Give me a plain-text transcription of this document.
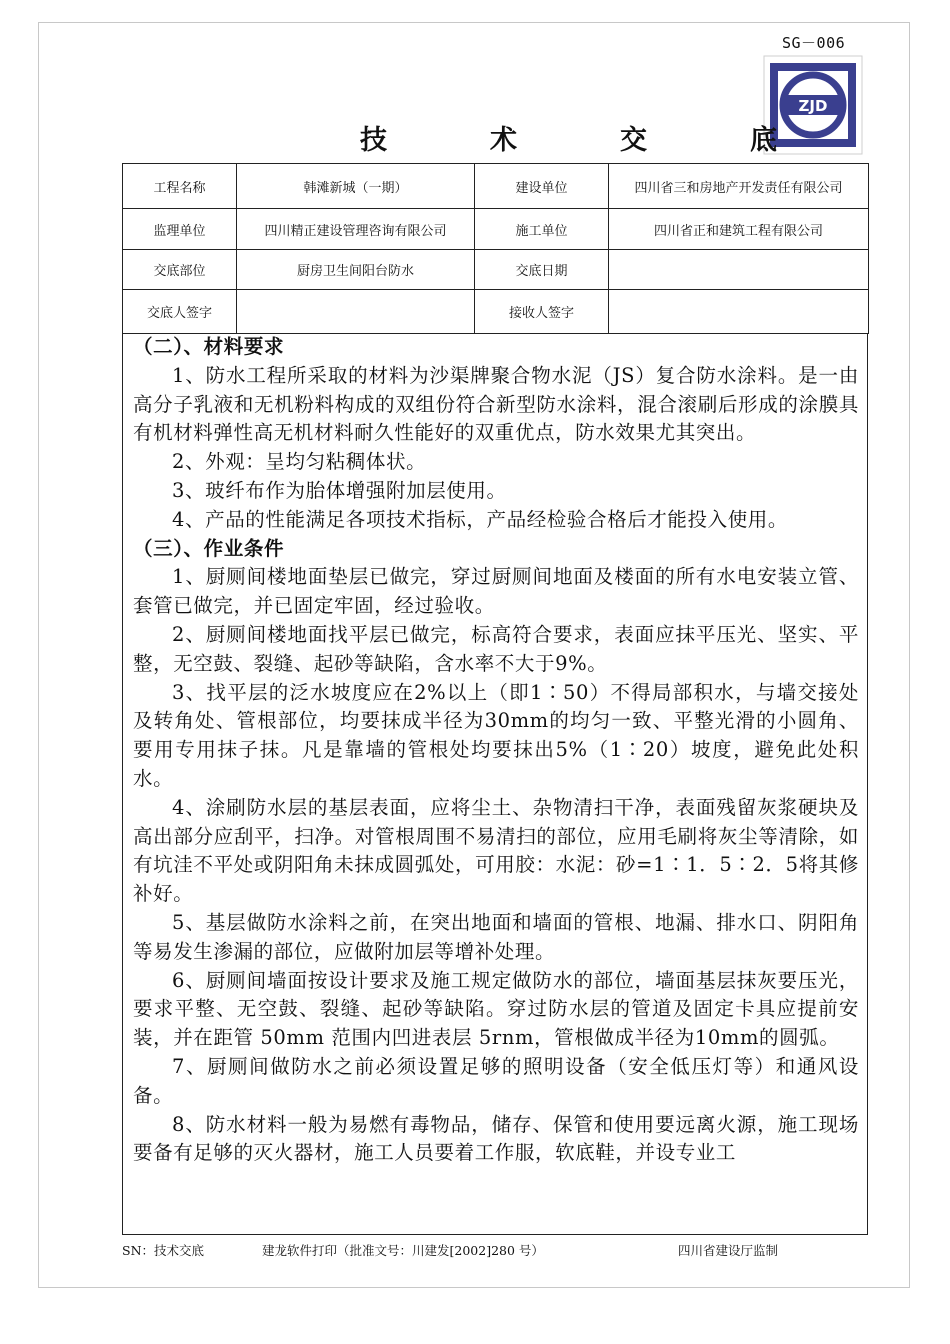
SG－006
ZJD
技　术　交　底
工程名称	韩滩新城（一期）	建设单位	四川省三和房地产开发责任有限公司
监理单位	四川精正建设管理咨询有限公司	施工单位	四川省正和建筑工程有限公司
交底部位	厨房卫生间阳台防水	交底日期	
交底人签字		接收人签字	
（二）、材料要求

1、防水工程所采取的材料为沙渠牌聚合物水泥（JS）复合防水涂料。是一由高分子乳液和无机粉料构成的双组份符合新型防水涂料，混合滚刷后形成的涂膜具有机材料弹性高无机材料耐久性能好的双重优点，防水效果尤其突出。

2、外观：呈均匀粘稠体状。

3、玻纤布作为胎体增强附加层使用。

4、产品的性能满足各项技术指标，产品经检验合格后才能投入使用。

（三）、作业条件

1、厨厕间楼地面垫层已做完，穿过厨厕间地面及楼面的所有水电安装立管、套管已做完，并已固定牢固，经过验收。

2、厨厕间楼地面找平层已做完，标高符合要求，表面应抹平压光、坚实、平整，无空鼓、裂缝、起砂等缺陷，含水率不大于9%。

3、找平层的泛水坡度应在2%以上（即1∶50）不得局部积水，与墙交接处及转角处、管根部位，均要抹成半径为30mm的均匀一致、平整光滑的小圆角、要用专用抹子抹。凡是靠墙的管根处均要抹出5%（1∶20）坡度，避免此处积水。

4、涂刷防水层的基层表面，应将尘土、杂物清扫干净，表面残留灰浆硬块及高出部分应刮平，扫净。对管根周围不易清扫的部位，应用毛刷将灰尘等清除，如有坑洼不平处或阴阳角未抹成圆弧处，可用胶：水泥：砂=1∶1．5∶2．5将其修补好。

5、基层做防水涂料之前，在突出地面和墙面的管根、地漏、排水口、阴阳角等易发生渗漏的部位，应做附加层等增补处理。

6、厨厕间墙面按设计要求及施工规定做防水的部位，墙面基层抹灰要压光，要求平整、无空鼓、裂缝、起砂等缺陷。穿过防水层的管道及固定卡具应提前安装，并在距管 50mm 范围内凹进表层 5rnm，管根做成半径为10mm的圆弧。

7、厨厕间做防水之前必须设置足够的照明设备（安全低压灯等）和通风设备。

8、防水材料一般为易燃有毒物品，储存、保管和使用要远离火源，施工现场要备有足够的灭火器材，施工人员要着工作服，软底鞋，并设专业工

SN：技术交底	建龙软件打印（批准文号：川建发[2002]280 号）	四川省建设厅监制
